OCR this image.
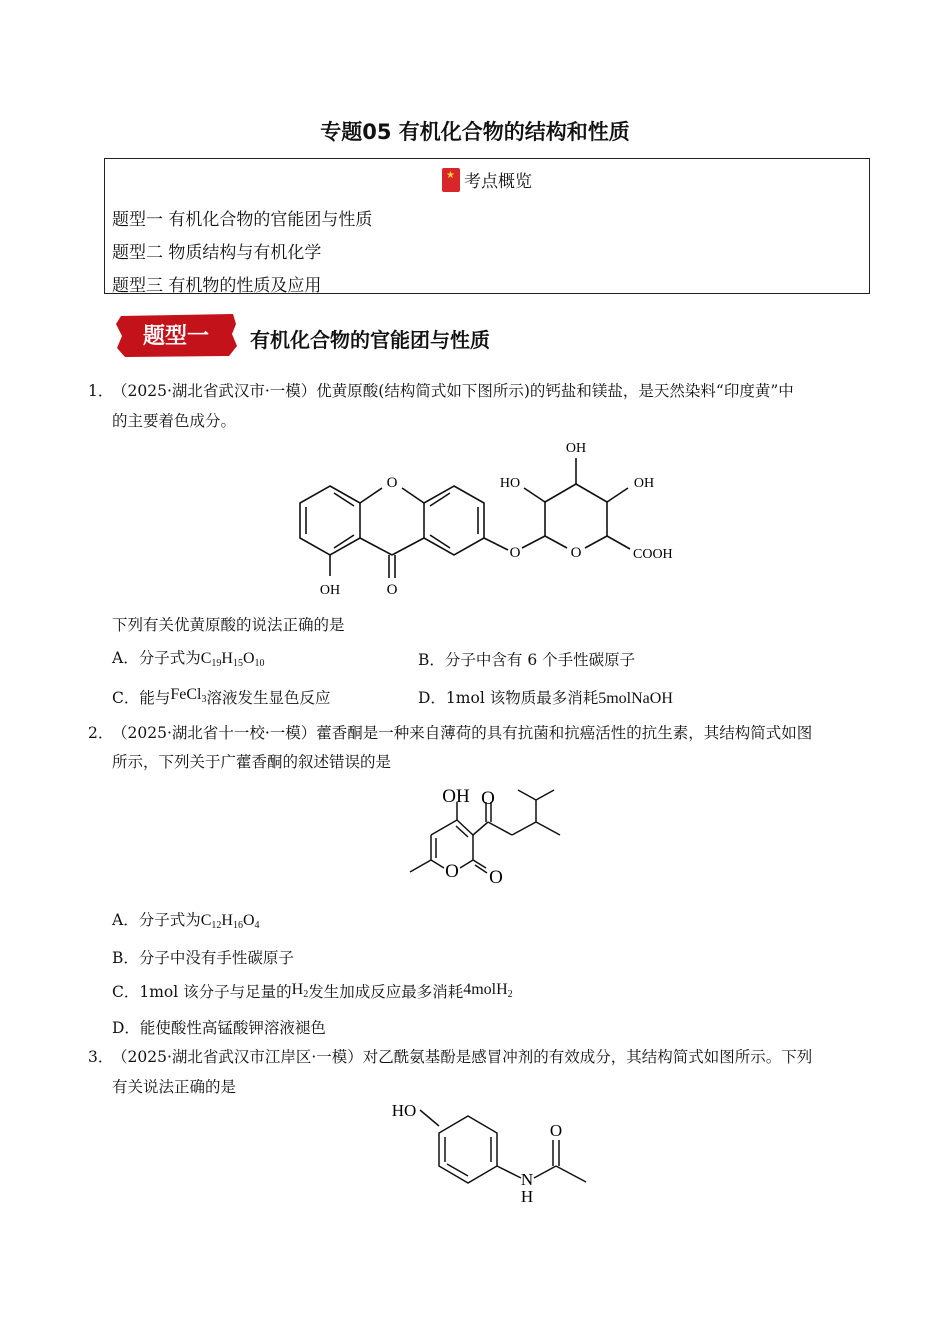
专题05 有机化合物的结构和性质
★ 考点概览
题型一 有机化合物的官能团与性质
题型二 物质结构与有机化学
题型三 有机物的性质及应用
题型一 有机化合物的官能团与性质
1．
（2025·湖北省武汉市·一模）优黄原酸(结构简式如下图所示)的钙盐和镁盐，是天然染料“印度黄”中
的主要着色成分。
O
O
OH
O	O
OH
HO	OH
COOH
下列有关优黄原酸的说法正确的是
A．分子式为$C_{19}H_{15}O_{10}$	B．分子中含有 6 个手性碳原子
C．能与FeCl$_3$溶液发生显色反应	D．1mol 该物质最多消耗5molNaOH
2．
（2025·湖北省十一校·一模）藿香酮是一种来自薄荷的具有抗菌和抗癌活性的抗生素，其结构简式如图
所示，下列关于广藿香酮的叙述错误的是
OH O
O O
A．分子式为$C_{12}H_{16}O_4$
B．分子中没有手性碳原子
C．1mol 该分子与足量的$H_2$发生加成反应最多消耗4molH$_2$
D．能使酸性高锰酸钾溶液褪色
3．
（2025·湖北省武汉市江岸区·一模）对乙酰氨基酚是感冒冲剂的有效成分，其结构简式如图所示。下列
有关说法正确的是
HO
O
N
H
